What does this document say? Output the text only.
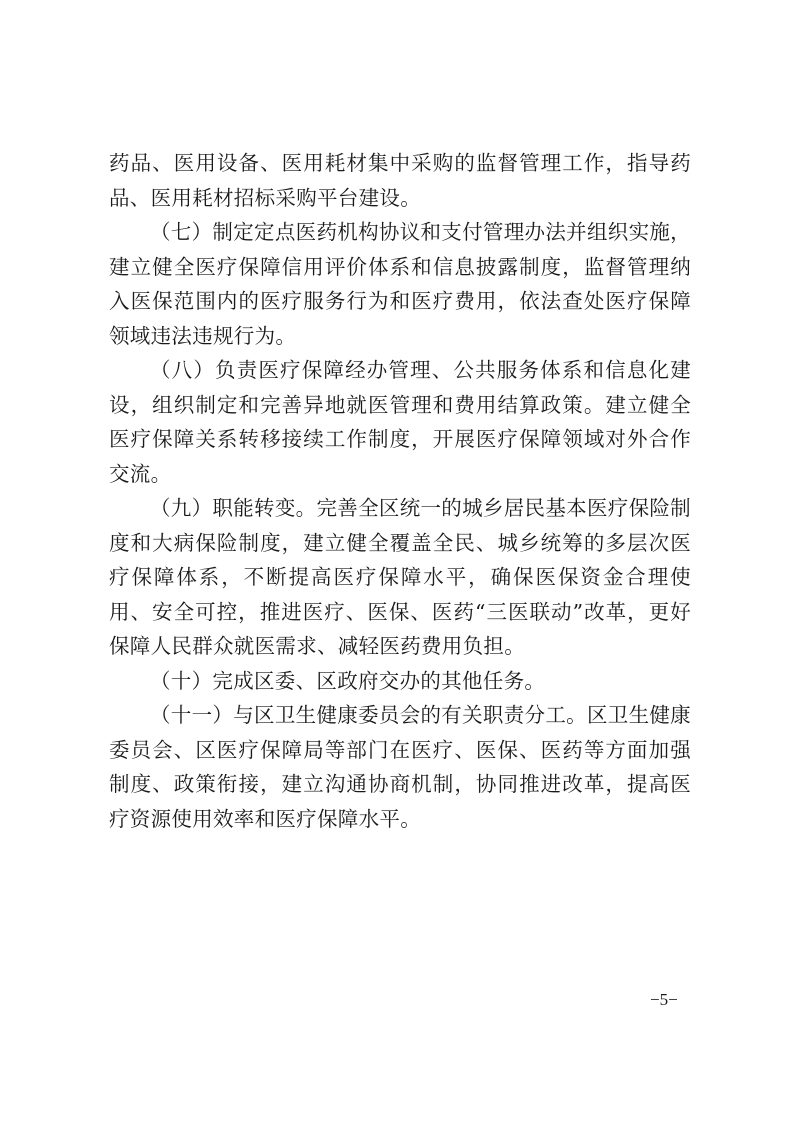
药品、医用设备、医用耗材集中采购的监督管理工作，指导药品、医用耗材招标采购平台建设。

（七）制定定点医药机构协议和支付管理办法并组织实施，建立健全医疗保障信用评价体系和信息披露制度，监督管理纳入医保范围内的医疗服务行为和医疗费用，依法查处医疗保障领域违法违规行为。

（八）负责医疗保障经办管理、公共服务体系和信息化建设，组织制定和完善异地就医管理和费用结算政策。建立健全医疗保障关系转移接续工作制度，开展医疗保障领域对外合作交流。

（九）职能转变。完善全区统一的城乡居民基本医疗保险制度和大病保险制度，建立健全覆盖全民、城乡统筹的多层次医疗保障体系，不断提高医疗保障水平，确保医保资金合理使用、安全可控，推进医疗、医保、医药“三医联动”改革，更好保障人民群众就医需求、减轻医药费用负担。

（十）完成区委、区政府交办的其他任务。

（十一）与区卫生健康委员会的有关职责分工。区卫生健康委员会、区医疗保障局等部门在医疗、医保、医药等方面加强制度、政策衔接，建立沟通协商机制，协同推进改革，提高医疗资源使用效率和医疗保障水平。

−5−
